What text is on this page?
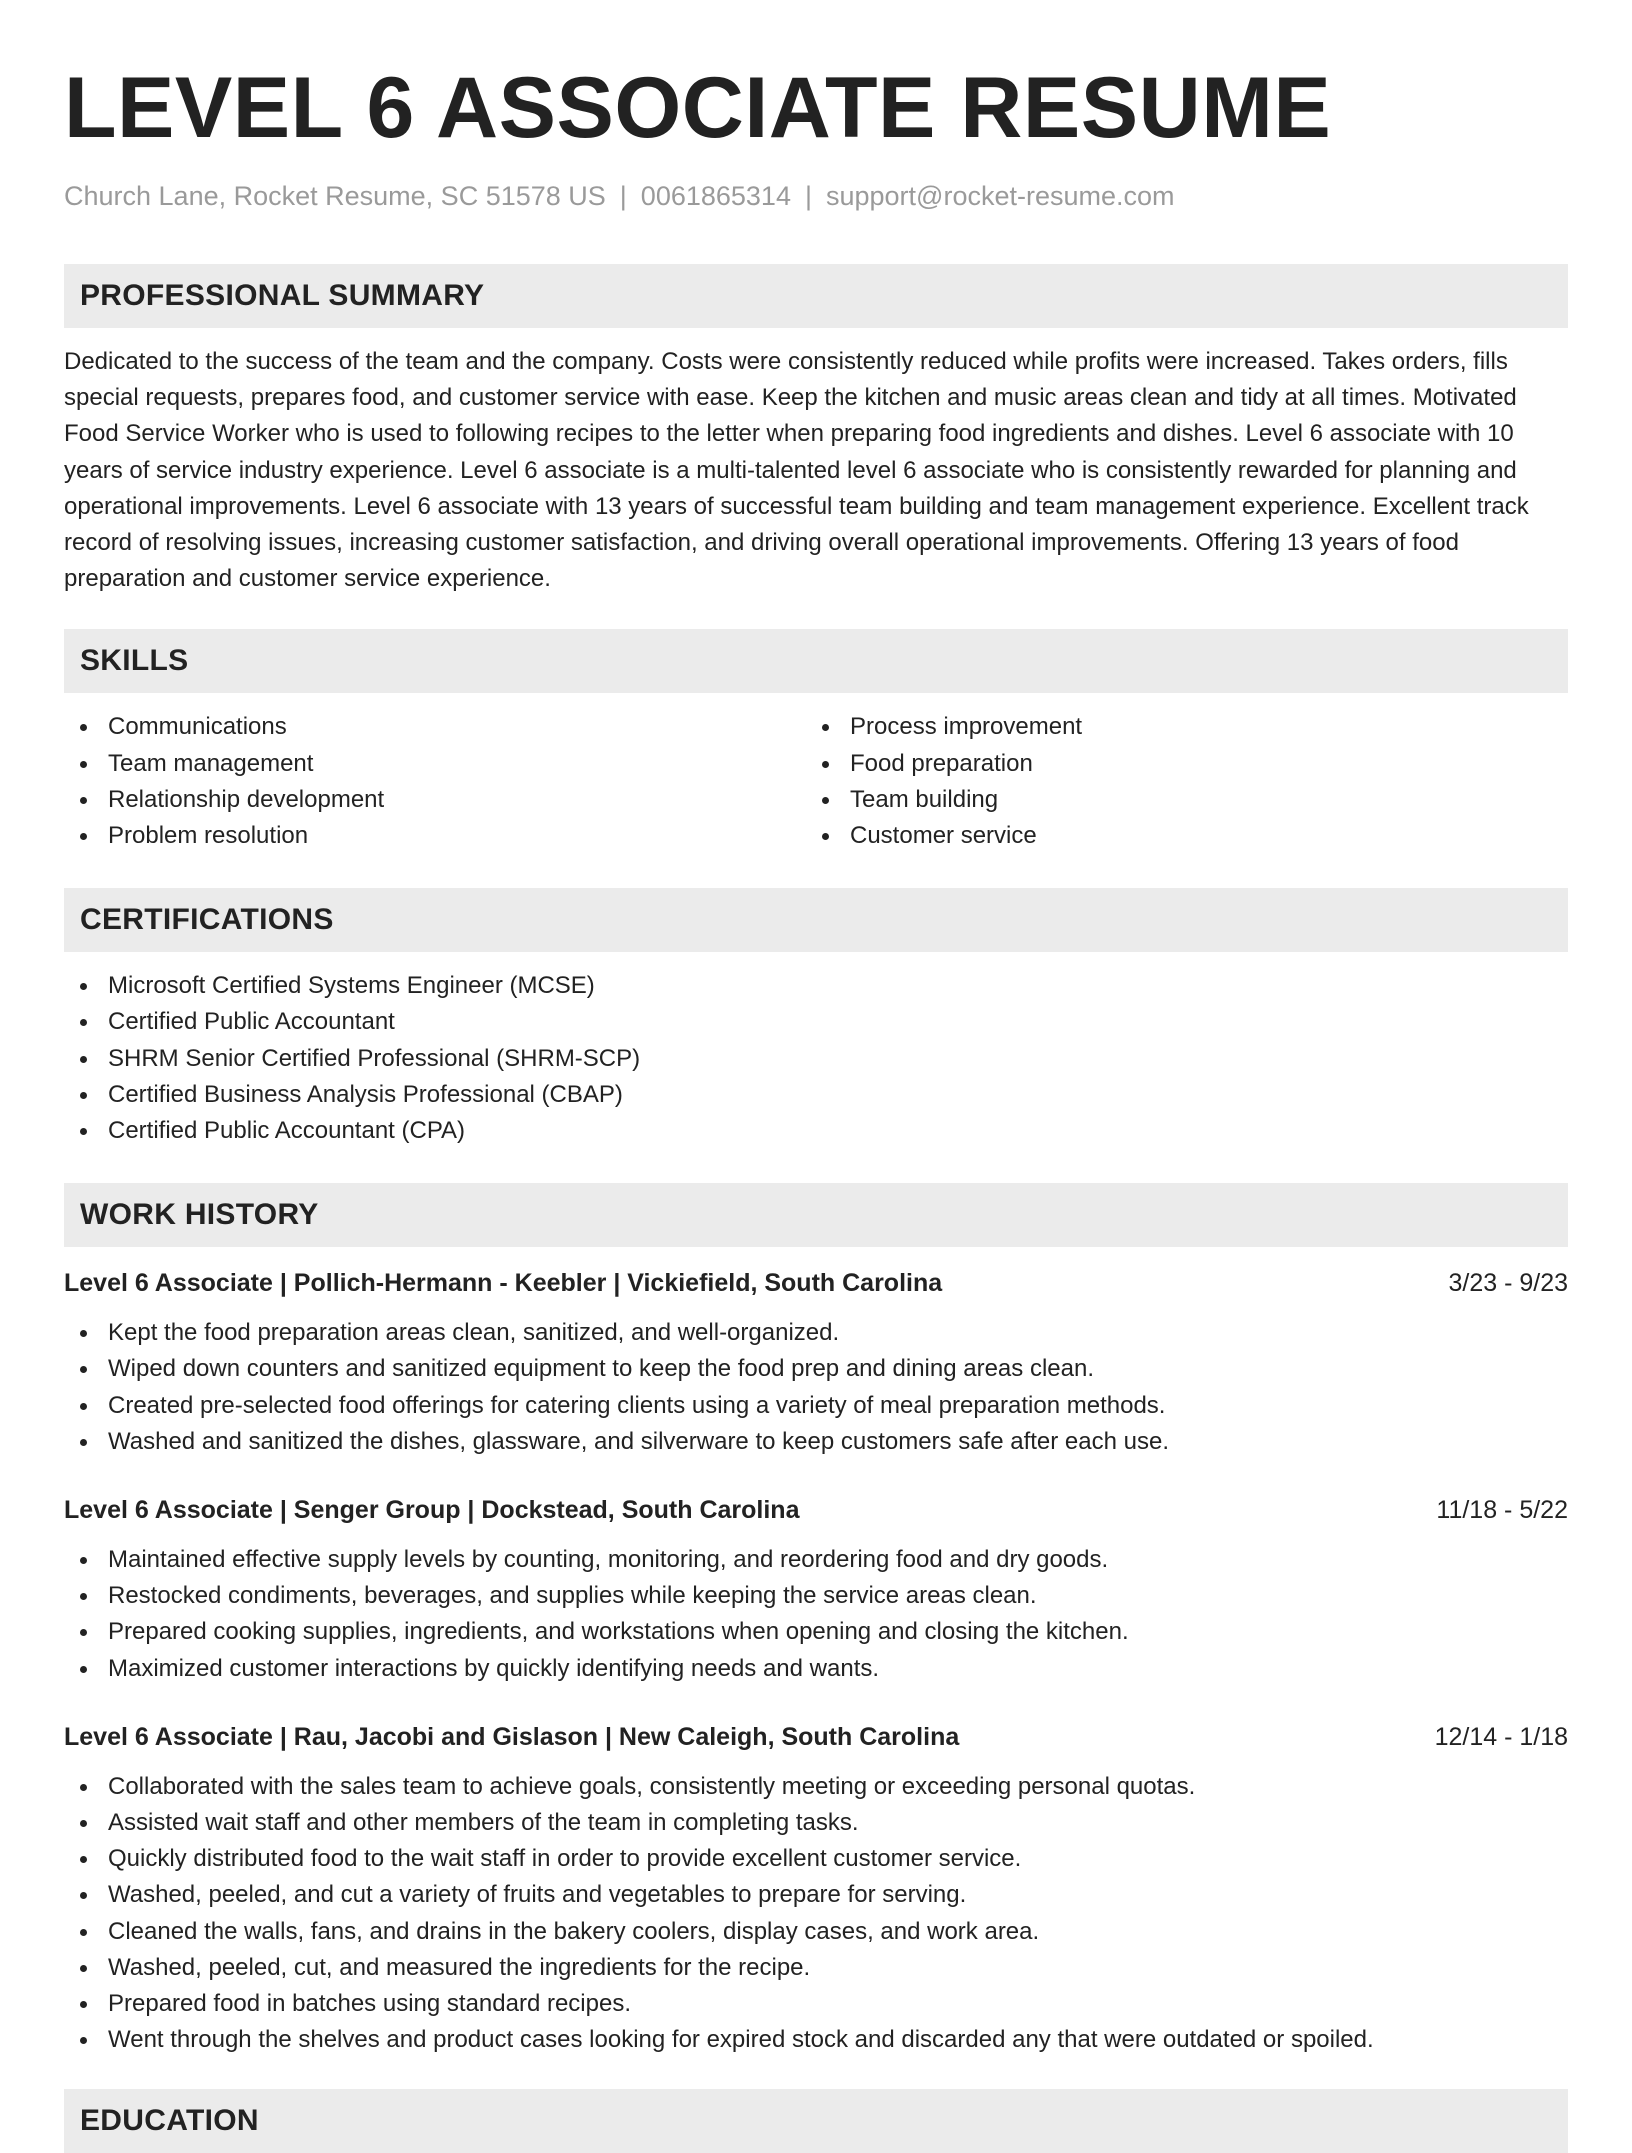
LEVEL 6 ASSOCIATE RESUME
Church Lane, Rocket Resume, SC 51578 US | 0061865314 | support@rocket-resume.com
PROFESSIONAL SUMMARY

Dedicated to the success of the team and the company. Costs were consistently reduced while profits were increased. Takes orders, fills special requests, prepares food, and customer service with ease. Keep the kitchen and music areas clean and tidy at all times. Motivated Food Service Worker who is used to following recipes to the letter when preparing food ingredients and dishes. Level 6 associate with 10 years of service industry experience. Level 6 associate is a multi-talented level 6 associate who is consistently rewarded for planning and operational improvements. Level 6 associate with 13 years of successful team building and team management experience. Excellent track record of resolving issues, increasing customer satisfaction, and driving overall operational improvements. Offering 13 years of food preparation and customer service experience.

SKILLS
Communications
Team management
Relationship development
Problem resolution
Process improvement
Food preparation
Team building
Customer service
CERTIFICATIONS
Microsoft Certified Systems Engineer (MCSE)
Certified Public Accountant
SHRM Senior Certified Professional (SHRM-SCP)
Certified Business Analysis Professional (CBAP)
Certified Public Accountant (CPA)
WORK HISTORY
Level 6 Associate | Pollich-Hermann - Keebler | Vickiefield, South Carolina	3/23 - 9/23
Kept the food preparation areas clean, sanitized, and well-organized.
Wiped down counters and sanitized equipment to keep the food prep and dining areas clean.
Created pre-selected food offerings for catering clients using a variety of meal preparation methods.
Washed and sanitized the dishes, glassware, and silverware to keep customers safe after each use.
Level 6 Associate | Senger Group | Dockstead, South Carolina	11/18 - 5/22
Maintained effective supply levels by counting, monitoring, and reordering food and dry goods.
Restocked condiments, beverages, and supplies while keeping the service areas clean.
Prepared cooking supplies, ingredients, and workstations when opening and closing the kitchen.
Maximized customer interactions by quickly identifying needs and wants.
Level 6 Associate | Rau, Jacobi and Gislason | New Caleigh, South Carolina	12/14 - 1/18
Collaborated with the sales team to achieve goals, consistently meeting or exceeding personal quotas.
Assisted wait staff and other members of the team in completing tasks.
Quickly distributed food to the wait staff in order to provide excellent customer service.
Washed, peeled, and cut a variety of fruits and vegetables to prepare for serving.
Cleaned the walls, fans, and drains in the bakery coolers, display cases, and work area.
Washed, peeled, cut, and measured the ingredients for the recipe.
Prepared food in batches using standard recipes.
Went through the shelves and product cases looking for expired stock and discarded any that were outdated or spoiled.
EDUCATION
